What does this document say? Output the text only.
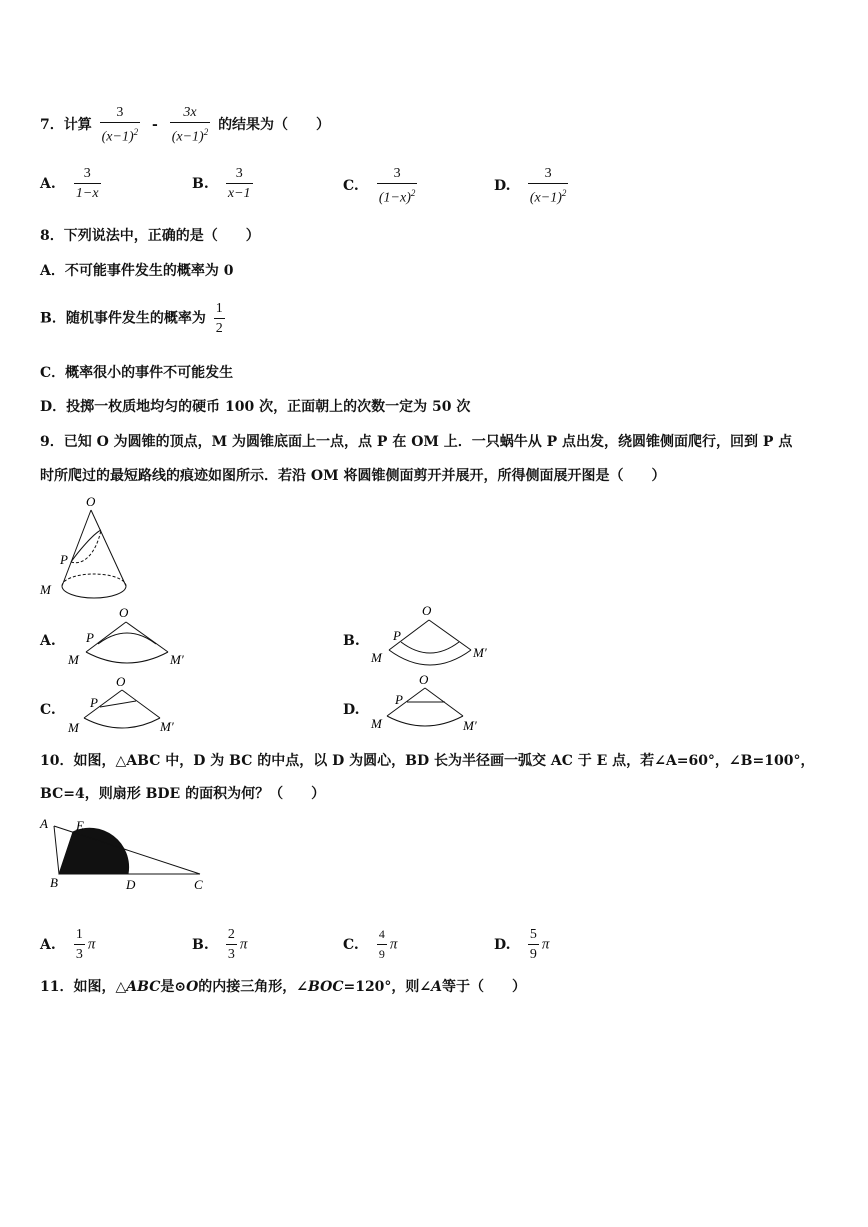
7．计算 $\frac{3}{(x-1)^2} - \frac{3x}{(x-1)^2}$ 的结果为（　　）
A. $\frac{3}{1-x}$	B. $\frac{3}{x-1}$	C. $\frac{3}{(1-x)^2}$	D. $\frac{3}{(x-1)^2}$
8．下列说法中，正确的是（　　）
A．不可能事件发生的概率为 0
B．随机事件发生的概率为 $\frac{1}{2}$
C．概率很小的事件不可能发生
D．投掷一枚质地均匀的硬币 100 次，正面朝上的次数一定为 50 次
9．已知 O 为圆锥的顶点，M 为圆锥底面上一点，点 P 在 OM 上．一只蜗牛从 P 点出发，绕圆锥侧面爬行，回到 P 点
时所爬过的最短路线的痕迹如图所示．若沿 OM 将圆锥侧面剪开并展开，所得侧面展开图是（　　）
O
P
M
A.
O
P
M	M′
B.
O
P
M	M′
C.
O
P
M	M′
D.
O
P
M	M′
10．如图，△ABC 中，D 为 BC 的中点，以 D 为圆心，BD 长为半径画一弧交 AC 于 E 点，若∠A=60°，∠B=100°，
BC=4，则扇形 BDE 的面积为何？（　　）
A E
B	D	C
A. $\frac{1}{3}$ π	B. $\frac{2}{3}$ π	C. $\frac{4}{9}$ π	D. $\frac{5}{9}$ π
11．如图，△ABC是⊙O的内接三角形，∠BOC=120°，则∠A等于（　　）
